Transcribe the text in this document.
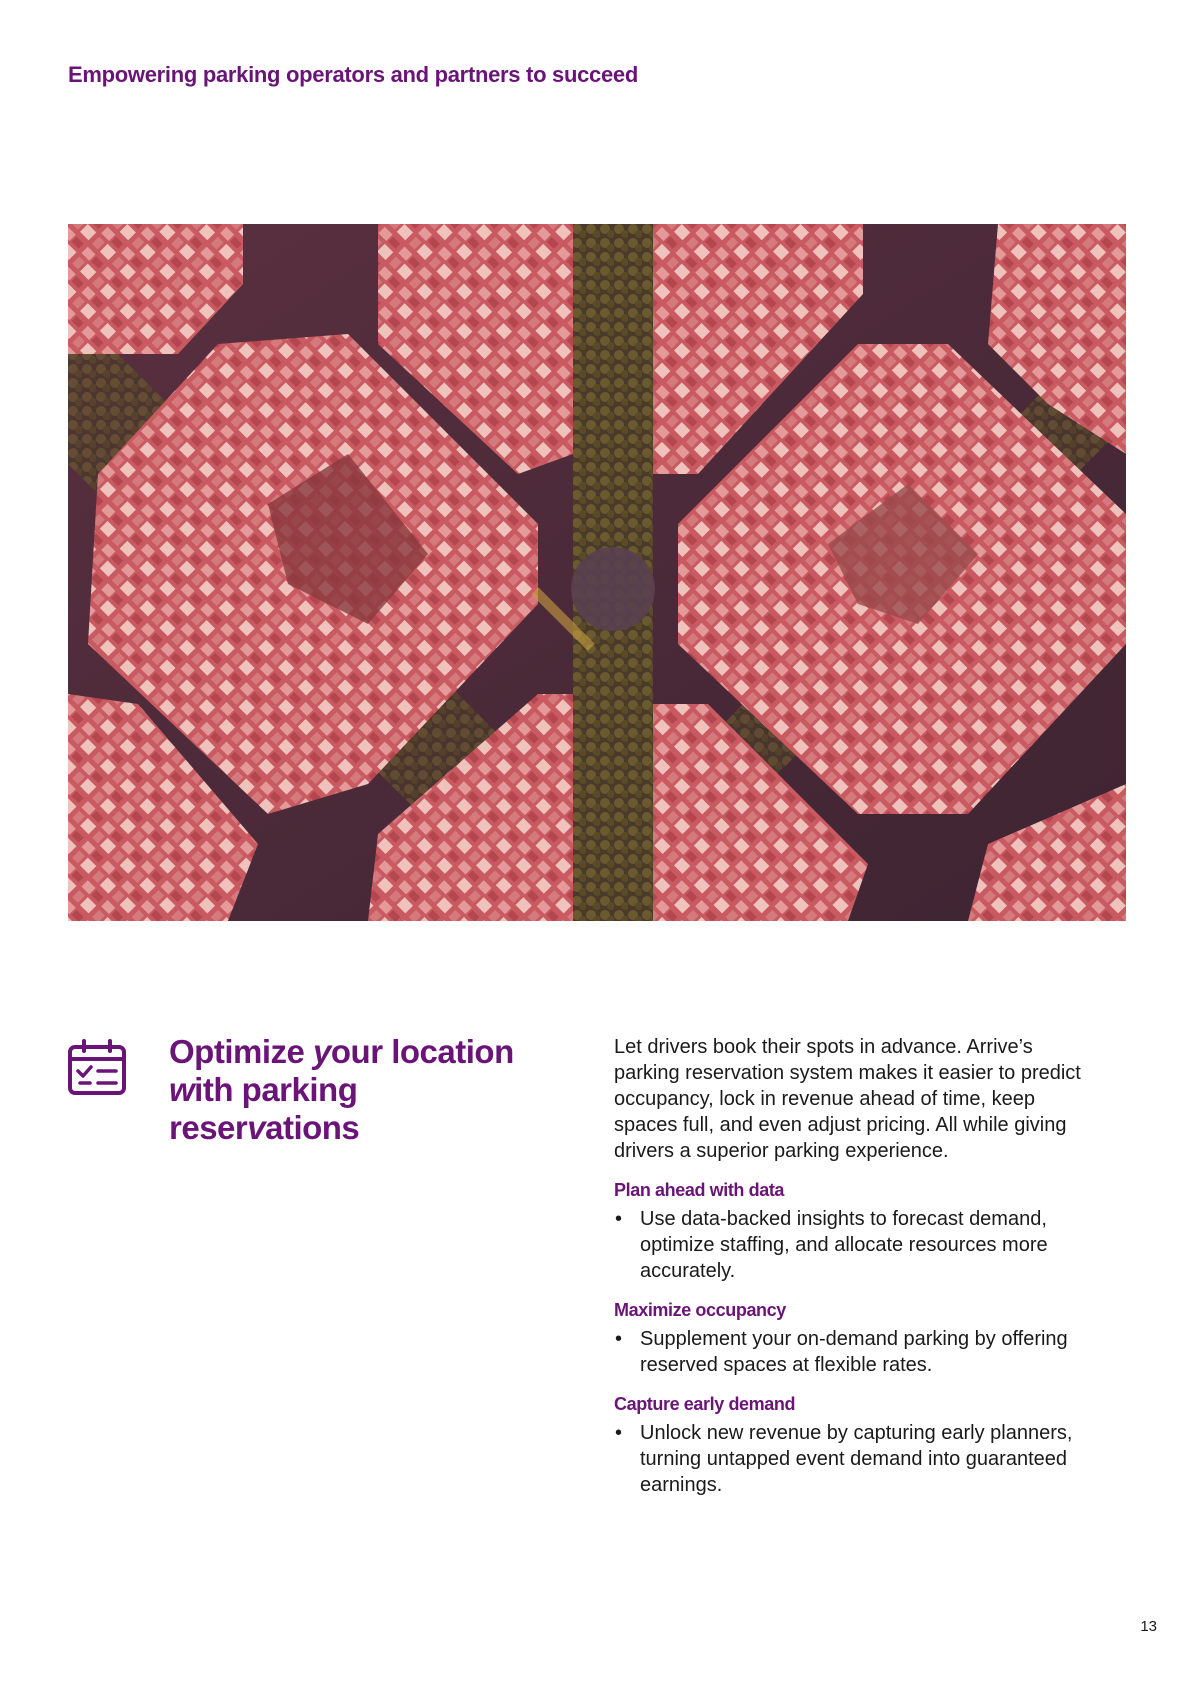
Empowering parking operators and partners to succeed
Optimize your location with parking reservations

Let drivers book their spots in advance. Arrive’s parking reservation system makes it easier to predict occupancy, lock in revenue ahead of time, keep spaces full, and even adjust pricing. All while giving drivers a superior parking experience.

Plan ahead with data

• Use data-backed insights to forecast demand, optimize staffing, and allocate resources more accurately.

Maximize occupancy

• Supplement your on-demand parking by offering reserved spaces at flexible rates.

Capture early demand

• Unlock new revenue by capturing early planners, turning untapped event demand into guaranteed earnings.

13
